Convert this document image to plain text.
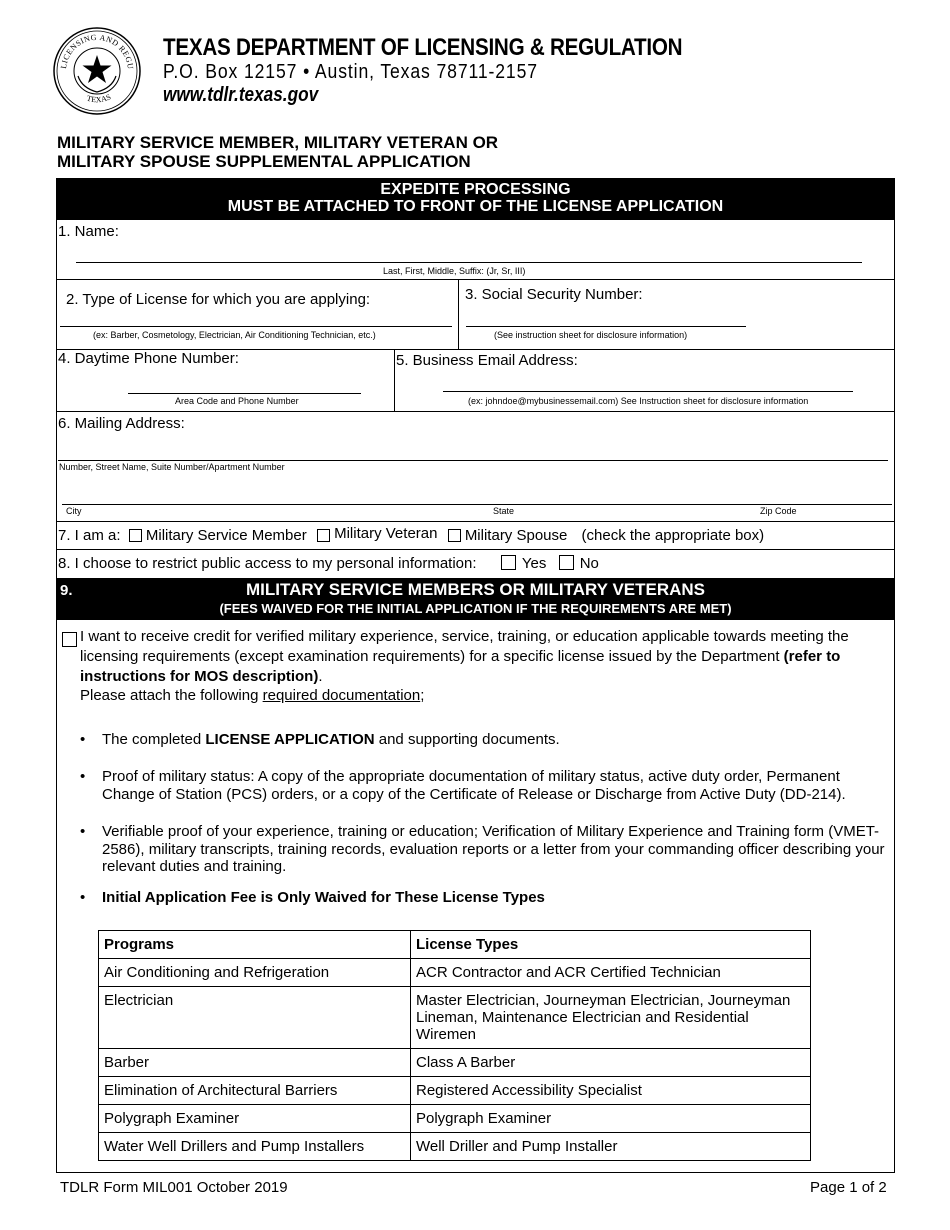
LICENSING AND REGU
TEXAS
TEXAS DEPARTMENT OF LICENSING & REGULATION
P.O. Box 12157 • Austin, Texas 78711-2157
www.tdlr.texas.gov
MILITARY SERVICE MEMBER, MILITARY VETERAN OR
MILITARY SPOUSE SUPPLEMENTAL APPLICATION
EXPEDITE PROCESSING
MUST BE ATTACHED TO FRONT OF THE LICENSE APPLICATION
1. Name:
Last, First, Middle, Suffix: (Jr, Sr, III)
2. Type of License for which you are applying:
(ex: Barber, Cosmetology, Electrician, Air Conditioning Technician, etc.)
3. Social Security Number:
(See instruction sheet for disclosure information)
4. Daytime Phone Number:
Area Code and Phone Number
5. Business Email Address:
(ex: johndoe@mybusinessemail.com) See Instruction sheet for disclosure information
6. Mailing Address:
Number, Street Name, Suite Number/Apartment Number
City	State	Zip Code
7. I am a: Military Service Member Military Veteran Military Spouse (check the appropriate box)
8. I choose to restrict public access to my personal information:	Yes No
9.	MILITARY SERVICE MEMBERS OR MILITARY VETERANS
(FEES WAIVED FOR THE INITIAL APPLICATION IF THE REQUIREMENTS ARE MET)
I want to receive credit for verified military experience, service, training, or education applicable towards meeting the licensing requirements (except examination requirements) for a specific license issued by the Department (refer to instructions for MOS description).
Please attach the following required documentation;
• The completed LICENSE APPLICATION and supporting documents.
• Proof of military status: A copy of the appropriate documentation of military status, active duty order, Permanent Change of Station (PCS) orders, or a copy of the Certificate of Release or Discharge from Active Duty (DD-214).
• Verifiable proof of your experience, training or education; Verification of Military Experience and Training form (VMET-2586), military transcripts, training records, evaluation reports or a letter from your commanding officer describing your relevant duties and training.
• Initial Application Fee is Only Waived for These License Types
Programs	License Types
Air Conditioning and Refrigeration	ACR Contractor and ACR Certified Technician
Electrician	Master Electrician, Journeyman Electrician, Journeyman Lineman, Maintenance Electrician and Residential Wiremen
Barber	Class A Barber
Elimination of Architectural Barriers	Registered Accessibility Specialist
Polygraph Examiner	Polygraph Examiner
Water Well Drillers and Pump Installers	Well Driller and Pump Installer
TDLR Form MIL001 October 2019	Page 1 of 2
